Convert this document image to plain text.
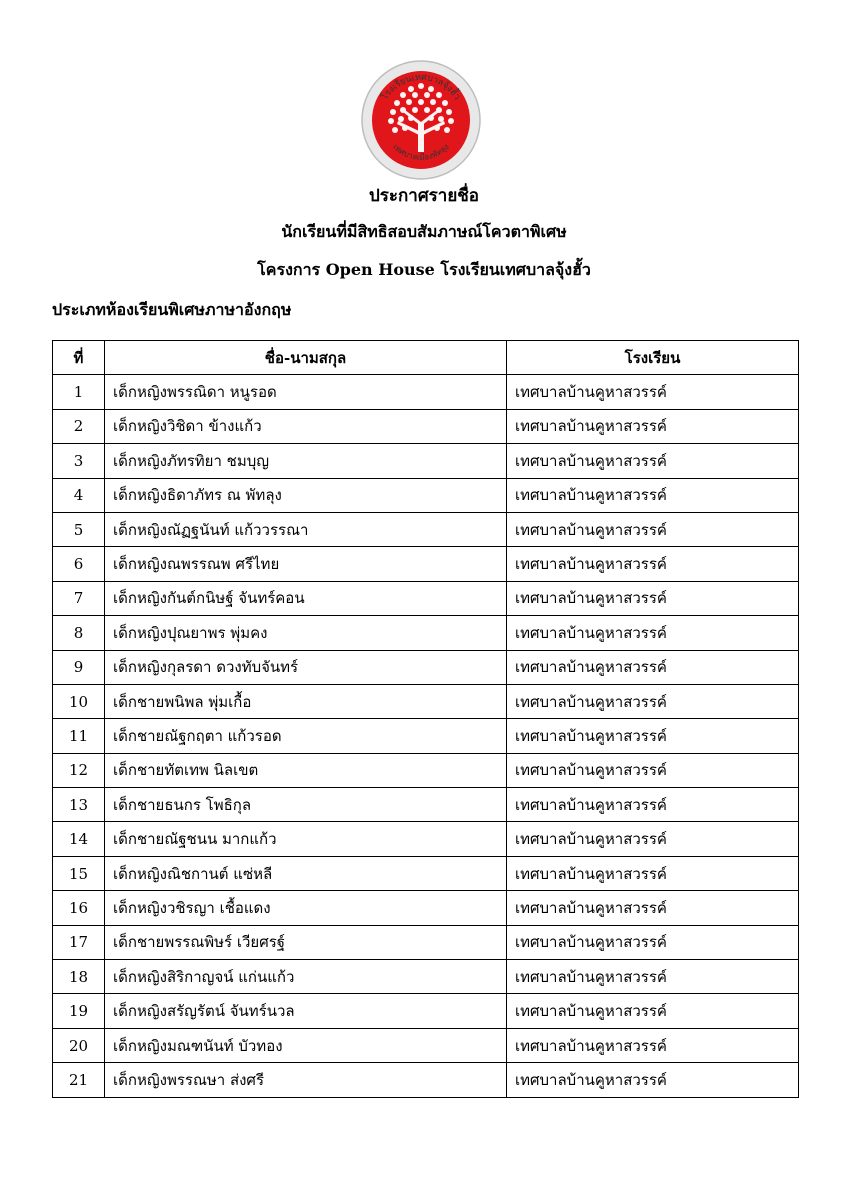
โรงเรียนเทศบาลจุ้งฮั้ว
เทศบาลเมืองพัทลุง
ประกาศรายชื่อ
นักเรียนที่มีสิทธิสอบสัมภาษณ์โควตาพิเศษ
โครงการ Open House โรงเรียนเทศบาลจุ้งฮั้ว
ประเภทห้องเรียนพิเศษภาษาอังกฤษ
ที่	ชื่อ-นามสกุล	โรงเรียน
1	เด็กหญิงพรรณิดา หนูรอด	เทศบาลบ้านคูหาสวรรค์
2	เด็กหญิงวิชิดา ข้างแก้ว	เทศบาลบ้านคูหาสวรรค์
3	เด็กหญิงภัทรทิยา ชมบุญ	เทศบาลบ้านคูหาสวรรค์
4	เด็กหญิงธิดาภัทร ณ พัทลุง	เทศบาลบ้านคูหาสวรรค์
5	เด็กหญิงณัฏฐนันท์ แก้ววรรณา	เทศบาลบ้านคูหาสวรรค์
6	เด็กหญิงณพรรณพ ศรีไทย	เทศบาลบ้านคูหาสวรรค์
7	เด็กหญิงกันต์กนิษฐ์ จันทร์คอน	เทศบาลบ้านคูหาสวรรค์
8	เด็กหญิงปุณยาพร พุ่มคง	เทศบาลบ้านคูหาสวรรค์
9	เด็กหญิงกุลรดา ดวงทับจันทร์	เทศบาลบ้านคูหาสวรรค์
10	เด็กชายพนิพล พุ่มเกื้อ	เทศบาลบ้านคูหาสวรรค์
11	เด็กชายณัฐกฤตา แก้วรอด	เทศบาลบ้านคูหาสวรรค์
12	เด็กชายทัตเทพ นิลเขต	เทศบาลบ้านคูหาสวรรค์
13	เด็กชายธนกร โพธิกุล	เทศบาลบ้านคูหาสวรรค์
14	เด็กชายณัฐชนน มากแก้ว	เทศบาลบ้านคูหาสวรรค์
15	เด็กหญิงณิชกานต์ แซ่หลี	เทศบาลบ้านคูหาสวรรค์
16	เด็กหญิงวชิรญา เชื้อแดง	เทศบาลบ้านคูหาสวรรค์
17	เด็กชายพรรณพิษร์ เวียศรฐ์	เทศบาลบ้านคูหาสวรรค์
18	เด็กหญิงสิริกาญจน์ แก่นแก้ว	เทศบาลบ้านคูหาสวรรค์
19	เด็กหญิงสรัญรัตน์ จันทร์นวล	เทศบาลบ้านคูหาสวรรค์
20	เด็กหญิงมณฑนันท์ บัวทอง	เทศบาลบ้านคูหาสวรรค์
21	เด็กหญิงพรรณษา ส่งศรี	เทศบาลบ้านคูหาสวรรค์
